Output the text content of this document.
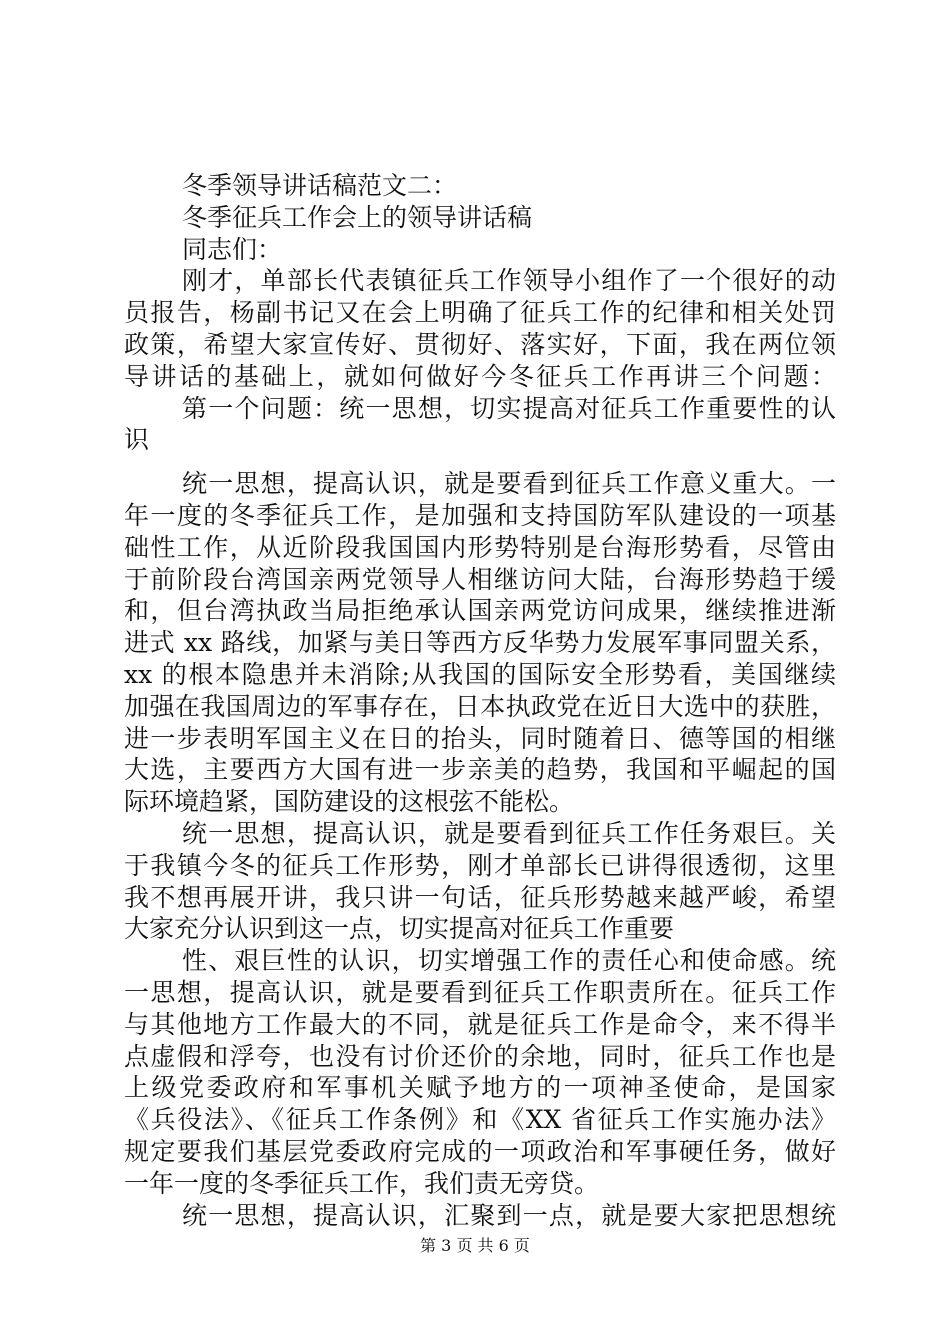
冬季领导讲话稿范文二：
冬季征兵工作会上的领导讲话稿
同志们：
刚才，单部长代表镇征兵工作领导小组作了一个很好的动
员报告，杨副书记又在会上明确了征兵工作的纪律和相关处罚
政策，希望大家宣传好、贯彻好、落实好，下面，我在两位领
导讲话的基础上，就如何做好今冬征兵工作再讲三个问题：
第一个问题：统一思想，切实提高对征兵工作重要性的认
识
统一思想，提高认识，就是要看到征兵工作意义重大。一
年一度的冬季征兵工作，是加强和支持国防军队建设的一项基
础性工作，从近阶段我国国内形势特别是台海形势看，尽管由
于前阶段台湾国亲两党领导人相继访问大陆，台海形势趋于缓
和，但台湾执政当局拒绝承认国亲两党访问成果，继续推进渐
进式 xx 路线，加紧与美日等西方反华势力发展军事同盟关系，
xx 的根本隐患并未消除;从我国的国际安全形势看，美国继续
加强在我国周边的军事存在，日本执政党在近日大选中的获胜，
进一步表明军国主义在日的抬头，同时随着日、德等国的相继
大选，主要西方大国有进一步亲美的趋势，我国和平崛起的国
际环境趋紧，国防建设的这根弦不能松。
统一思想，提高认识，就是要看到征兵工作任务艰巨。关
于我镇今冬的征兵工作形势，刚才单部长已讲得很透彻，这里
我不想再展开讲，我只讲一句话，征兵形势越来越严峻，希望
大家充分认识到这一点，切实提高对征兵工作重要
性、艰巨性的认识，切实增强工作的责任心和使命感。统
一思想，提高认识，就是要看到征兵工作职责所在。征兵工作
与其他地方工作最大的不同，就是征兵工作是命令，来不得半
点虚假和浮夸，也没有讨价还价的余地，同时，征兵工作也是
上级党委政府和军事机关赋予地方的一项神圣使命，是国家
《兵役法》、《征兵工作条例》和《XX 省征兵工作实施办法》
规定要我们基层党委政府完成的一项政治和军事硬任务，做好
一年一度的冬季征兵工作，我们责无旁贷。
统一思想，提高认识，汇聚到一点，就是要大家把思想统
第 3 页 共 6 页
